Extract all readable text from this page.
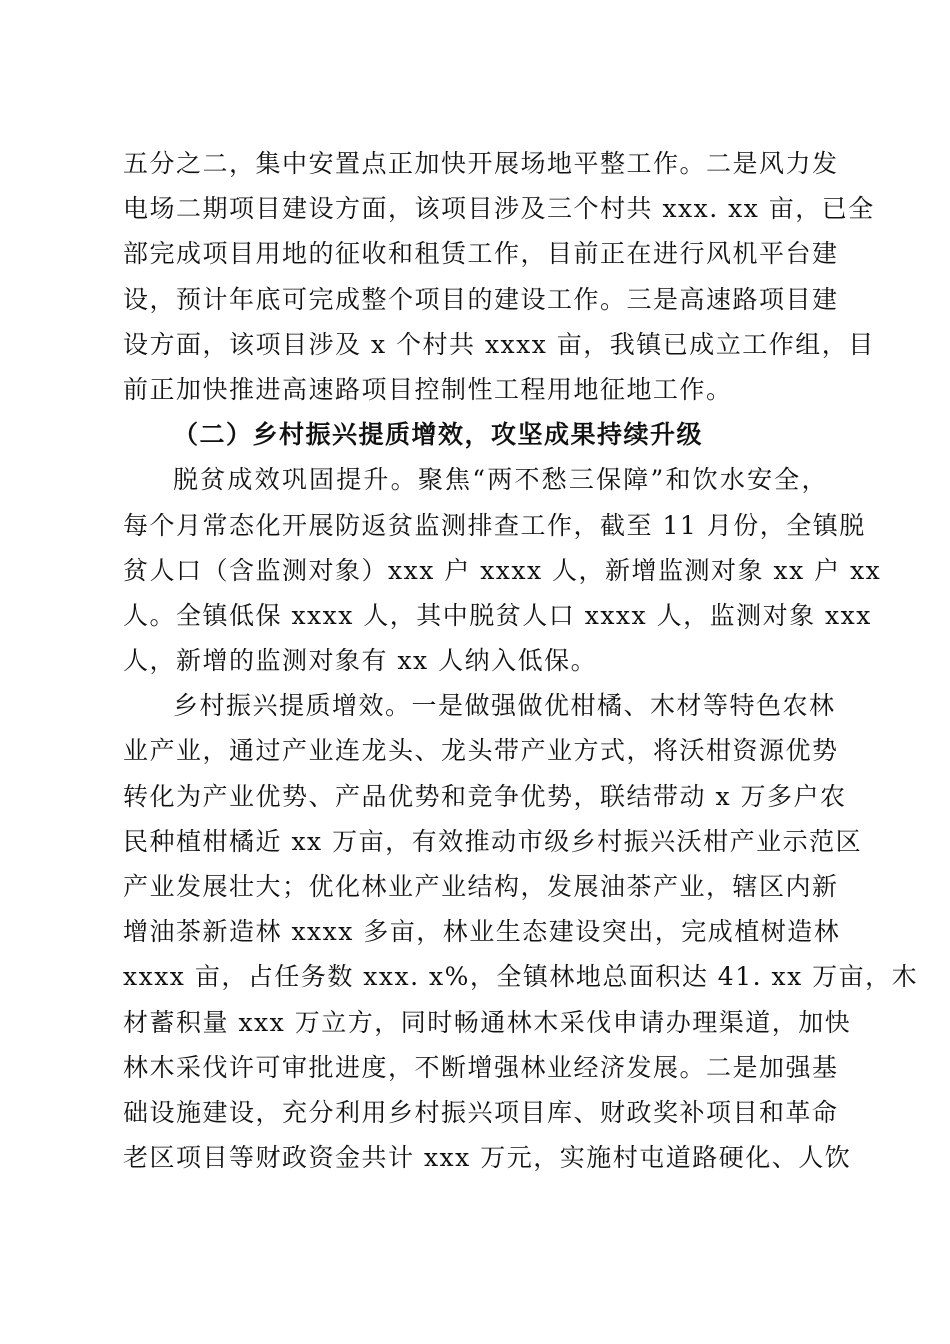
五分之二，集中安置点正加快开展场地平整工作。二是风力发
电场二期项目建设方面，该项目涉及三个村共 xxx. xx 亩，已全
部完成项目用地的征收和租赁工作，目前正在进行风机平台建
设，预计年底可完成整个项目的建设工作。三是高速路项目建
设方面，该项目涉及 x 个村共 xxxx 亩，我镇已成立工作组，目
前正加快推进高速路项目控制性工程用地征地工作。
（二）乡村振兴提质增效，攻坚成果持续升级
脱贫成效巩固提升。聚焦“两不愁三保障”和饮水安全，
每个月常态化开展防返贫监测排查工作，截至 11 月份，全镇脱
贫人口（含监测对象）xxx 户 xxxx 人，新增监测对象 xx 户 xx
人。全镇低保 xxxx 人，其中脱贫人口 xxxx 人，监测对象 xxx
人，新增的监测对象有 xx 人纳入低保。
乡村振兴提质增效。一是做强做优柑橘、木材等特色农林
业产业，通过产业连龙头、龙头带产业方式，将沃柑资源优势
转化为产业优势、产品优势和竞争优势，联结带动 x 万多户农
民种植柑橘近 xx 万亩，有效推动市级乡村振兴沃柑产业示范区
产业发展壮大；优化林业产业结构，发展油茶产业，辖区内新
增油茶新造林 xxxx 多亩，林业生态建设突出，完成植树造林
xxxx 亩，占任务数 xxx. x%，全镇林地总面积达 41. xx 万亩，木
材蓄积量 xxx 万立方，同时畅通林木采伐申请办理渠道，加快
林木采伐许可审批进度，不断增强林业经济发展。二是加强基
础设施建设，充分利用乡村振兴项目库、财政奖补项目和革命
老区项目等财政资金共计 xxx 万元，实施村屯道路硬化、人饮
